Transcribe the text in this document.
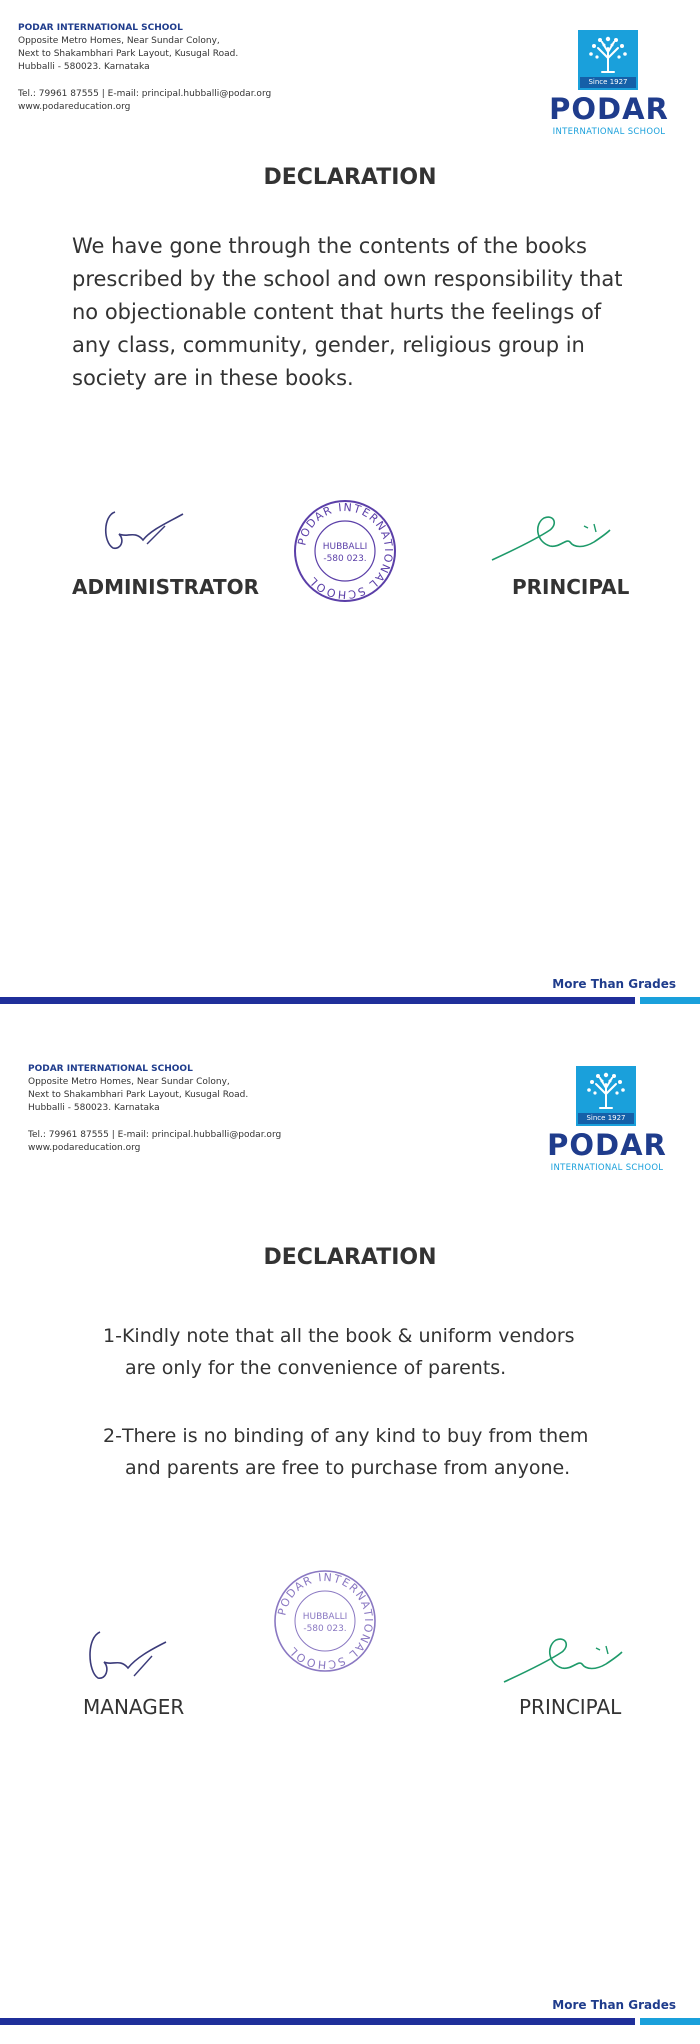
PODAR INTERNATIONAL SCHOOL
Opposite Metro Homes, Near Sundar Colony,
Next to Shakambhari Park Layout, Kusugal Road.
Hubballi - 580023. Karnataka
Tel.: 79961 87555 | E-mail: principal.hubballi@podar.org
www.podareducation.org
Since 1927
PODAR
INTERNATIONAL SCHOOL
DECLARATION
We have gone through the contents of the books prescribed by the school and own responsibility that no objectionable content that hurts the feelings of any class, community, gender, religious group in society are in these books.
PODAR INTERNATIONAL SCHOOL
HUBBALLI
-580 023.
ADMINISTRATOR	PRINCIPAL
More Than Grades
PODAR INTERNATIONAL SCHOOL
Opposite Metro Homes, Near Sundar Colony,
Next to Shakambhari Park Layout, Kusugal Road.
Hubballi - 580023. Karnataka
Tel.: 79961 87555 | E-mail: principal.hubballi@podar.org
www.podareducation.org
Since 1927
PODAR
INTERNATIONAL SCHOOL
DECLARATION
1-Kindly note that all the book & uniform vendors
are only for the convenience of parents.
2-There is no binding of any kind to buy from them
and parents are free to purchase from anyone.
PODAR INTERNATIONAL SCHOOL
HUBBALLI
-580 023.
MANAGER	PRINCIPAL
More Than Grades
